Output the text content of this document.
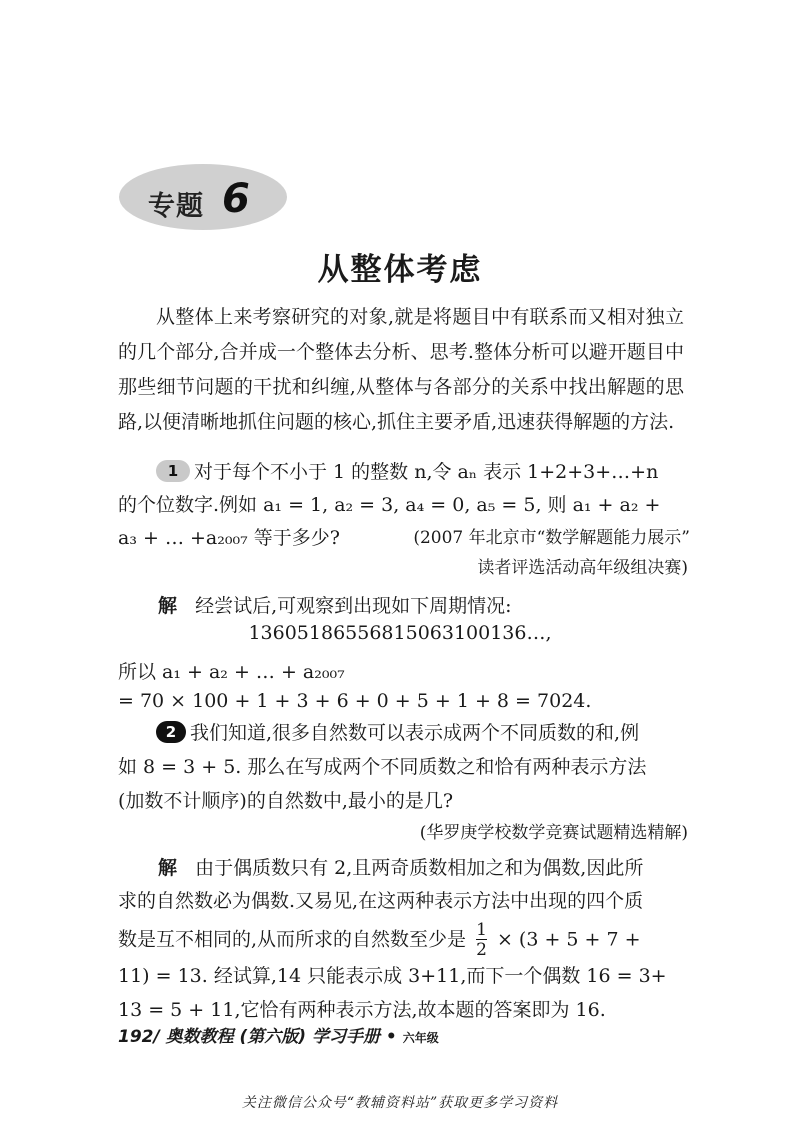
专题 6
从整体考虑
从整体上来考察研究的对象,就是将题目中有联系而又相对独立的几个部分,合并成一个整体去分析、思考.整体分析可以避开题目中那些细节问题的干扰和纠缠,从整体与各部分的关系中找出解题的思路,以便清晰地抓住问题的核心,抓住主要矛盾,迅速获得解题的方法.
1 对于每个不小于 1 的整数 n,令 aₙ 表示 1+2+3+…+n
的个位数字.例如 a₁ = 1, a₂ = 3, a₄ = 0, a₅ = 5, 则 a₁ + a₂ +
a₃ + … +a₂₀₀₇ 等于多少?	(2007 年北京市“数学解题能力展示”
读者评选活动高年级组决赛)
解 经尝试后,可观察到出现如下周期情况:
13605186556815063100136…,
所以 a₁ + a₂ + … + a₂₀₀₇
= 70 × 100 + 1 + 3 + 6 + 0 + 5 + 1 + 8 = 7024.
2 我们知道,很多自然数可以表示成两个不同质数的和,例
如 8 = 3 + 5. 那么在写成两个不同质数之和恰有两种表示方法
(加数不计顺序)的自然数中,最小的是几?
(华罗庚学校数学竞赛试题精选精解)
解 由于偶质数只有 2,且两奇质数相加之和为偶数,因此所
求的自然数必为偶数.又易见,在这两种表示方法中出现的四个质
数是互不相同的,从而所求的自然数至少是 $\frac{1}{2} \times (3 + 5 + 7$ +
11) = 13. 经试算,14 只能表示成 3+11,而下一个偶数 16 = 3+
13 = 5 + 11,它恰有两种表示方法,故本题的答案即为 16.
192/ 奥数教程 (第六版) 学习手册 • 六年级
关注微信公众号“教辅资料站”获取更多学习资料
